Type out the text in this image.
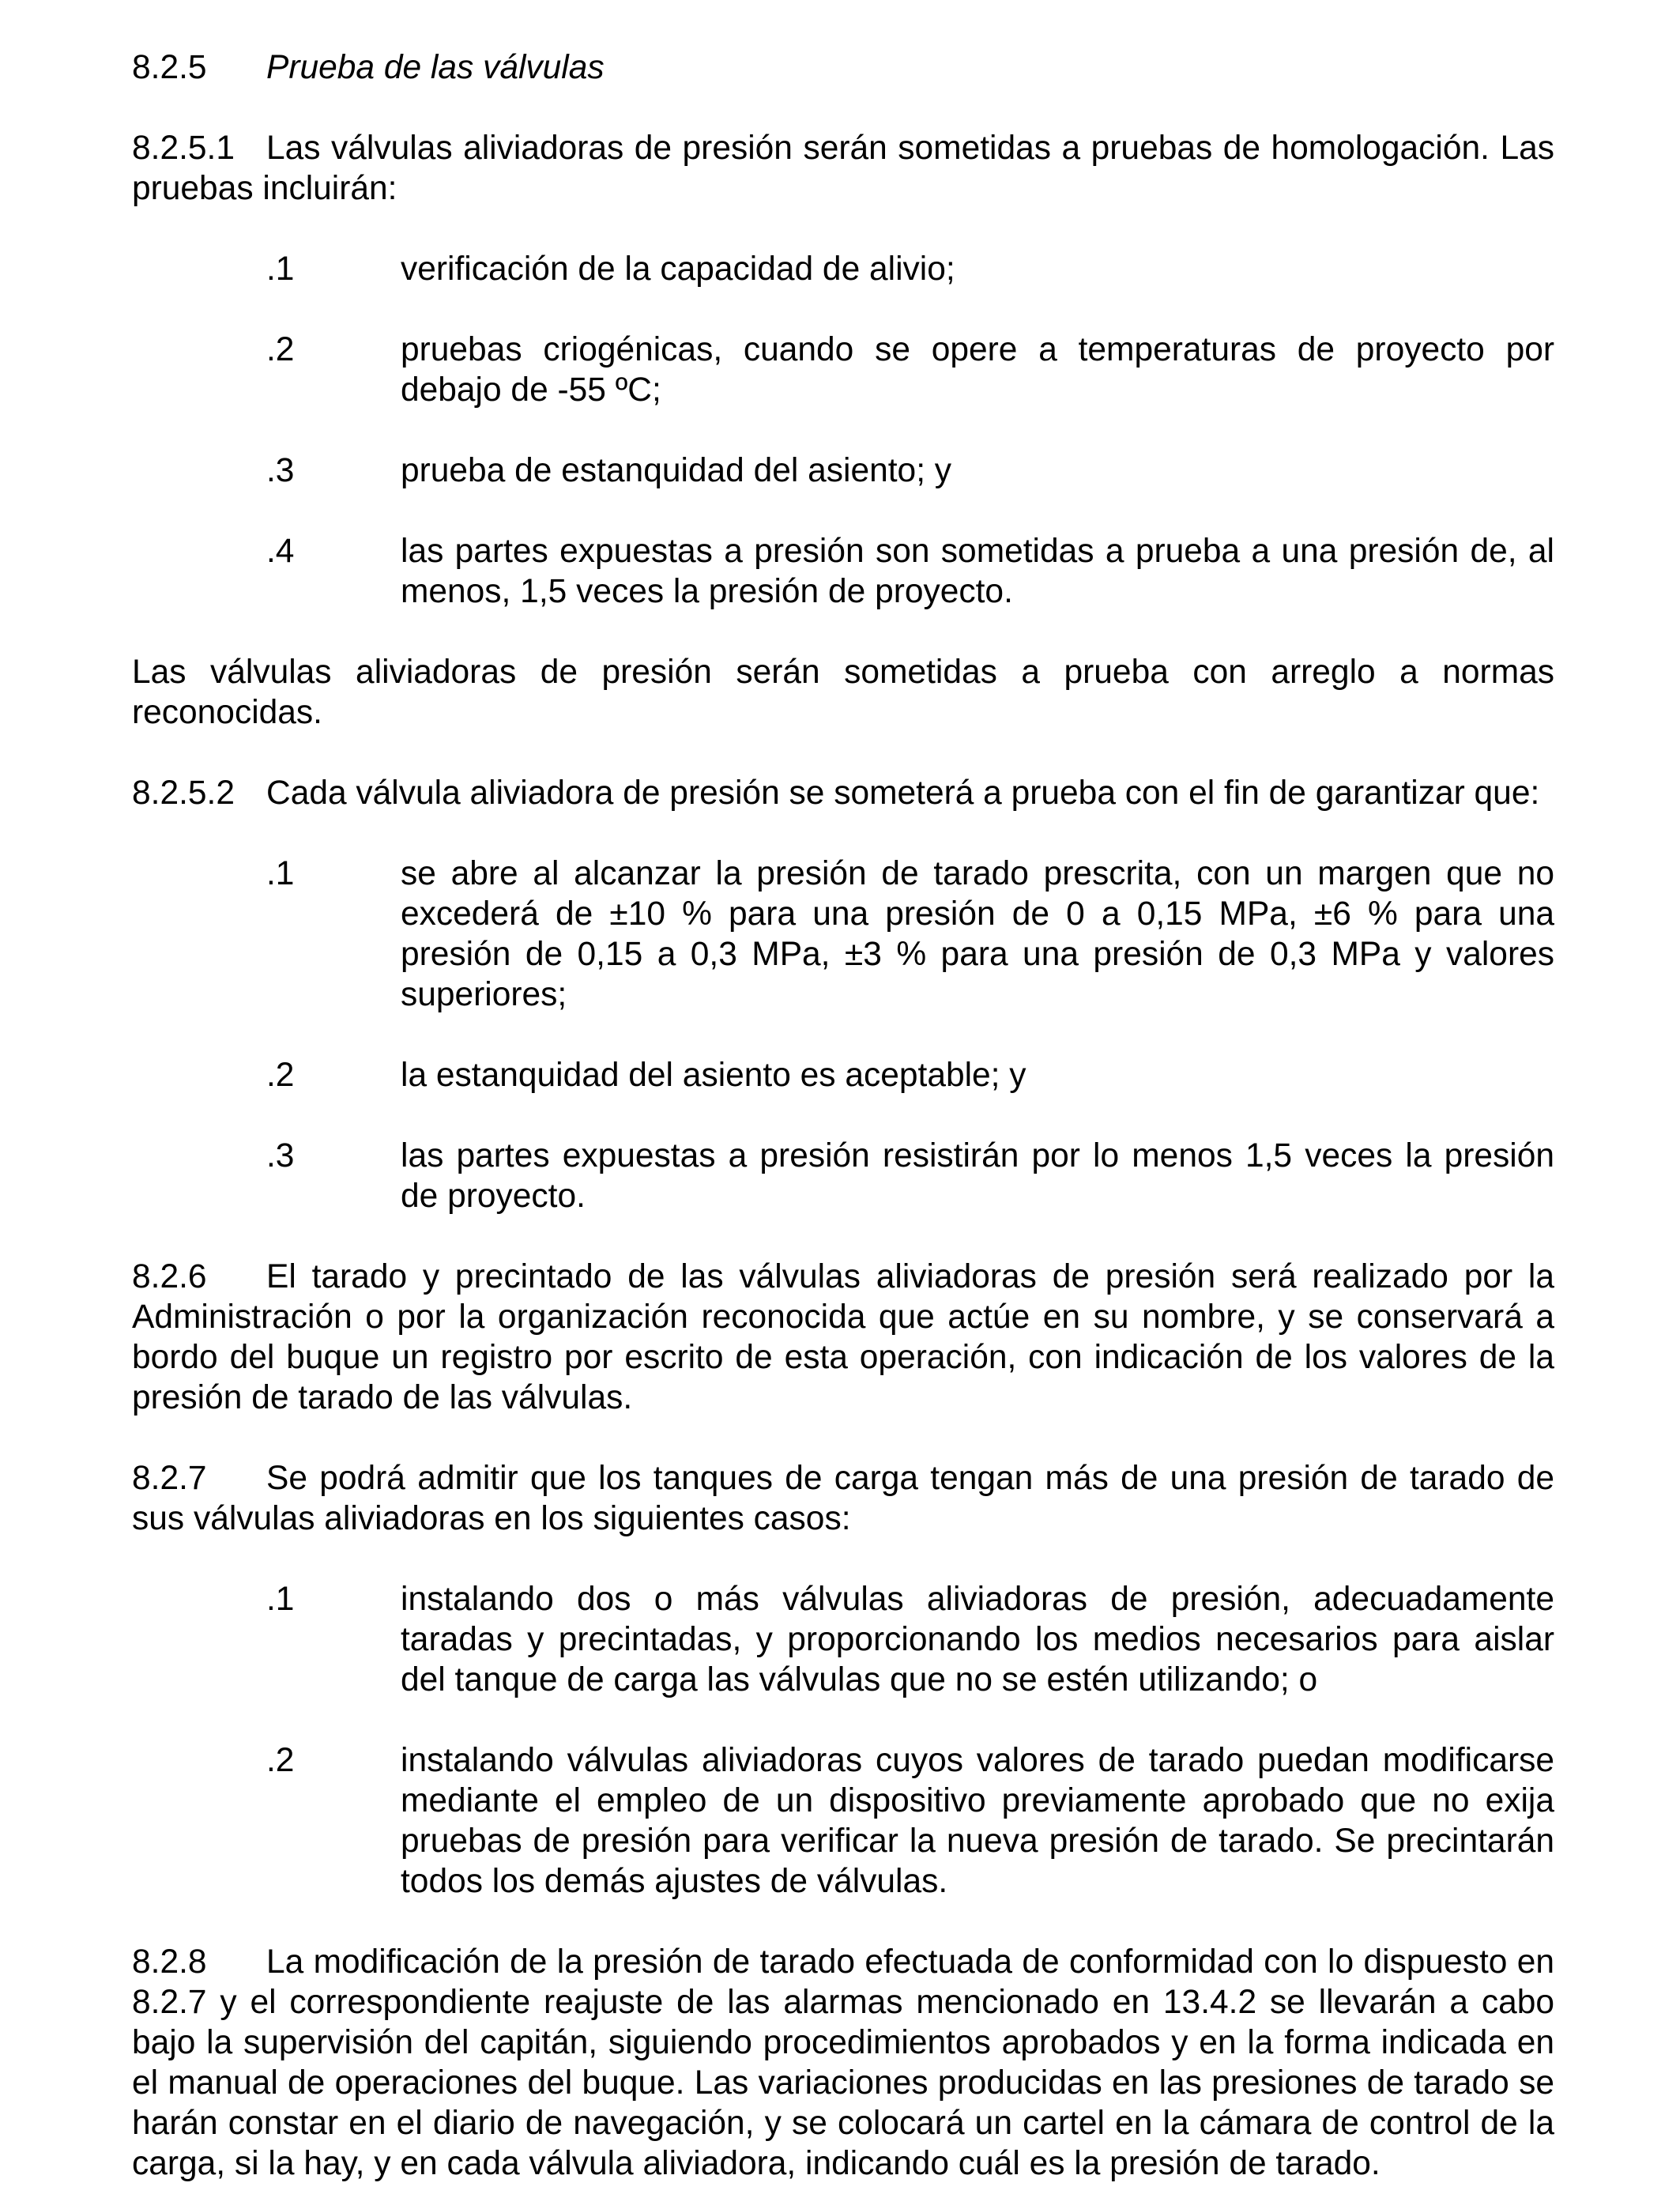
8.2.5	Prueba de las válvulas

8.2.5.1 Las válvulas aliviadoras de presión serán sometidas a pruebas de homologación. Las pruebas incluirán:

.1	verificación de la capacidad de alivio;
.2	pruebas criogénicas, cuando se opere a temperaturas de proyecto por debajo de -55 ºC;
.3	prueba de estanquidad del asiento; y
.4	las partes expuestas a presión son sometidas a prueba a una presión de, al menos, 1,5 veces la presión de proyecto.

Las válvulas aliviadoras de presión serán sometidas a prueba con arreglo a normas reconocidas.

8.2.5.2 Cada válvula aliviadora de presión se someterá a prueba con el fin de garantizar que:

.1	se abre al alcanzar la presión de tarado prescrita, con un margen que no excederá de ±10 % para una presión de 0 a 0,15 MPa, ±6 % para una presión de 0,15 a 0,3 MPa, ±3 % para una presión de 0,3 MPa y valores superiores;
.2	la estanquidad del asiento es aceptable; y
.3	las partes expuestas a presión resistirán por lo menos 1,5 veces la presión de proyecto.

8.2.6 El tarado y precintado de las válvulas aliviadoras de presión será realizado por la Administración o por la organización reconocida que actúe en su nombre, y se conservará a bordo del buque un registro por escrito de esta operación, con indicación de los valores de la presión de tarado de las válvulas.

8.2.7 Se podrá admitir que los tanques de carga tengan más de una presión de tarado de sus válvulas aliviadoras en los siguientes casos:

.1	instalando dos o más válvulas aliviadoras de presión, adecuadamente taradas y precintadas, y proporcionando los medios necesarios para aislar del tanque de carga las válvulas que no se estén utilizando; o
.2	instalando válvulas aliviadoras cuyos valores de tarado puedan modificarse mediante el empleo de un dispositivo previamente aprobado que no exija pruebas de presión para verificar la nueva presión de tarado. Se precintarán todos los demás ajustes de válvulas.

8.2.8 La modificación de la presión de tarado efectuada de conformidad con lo dispuesto en 8.2.7 y el correspondiente reajuste de las alarmas mencionado en 13.4.2 se llevarán a cabo bajo la supervisión del capitán, siguiendo procedimientos aprobados y en la forma indicada en el manual de operaciones del buque. Las variaciones producidas en las presiones de tarado se harán constar en el diario de navegación, y se colocará un cartel en la cámara de control de la carga, si la hay, y en cada válvula aliviadora, indicando cuál es la presión de tarado.
